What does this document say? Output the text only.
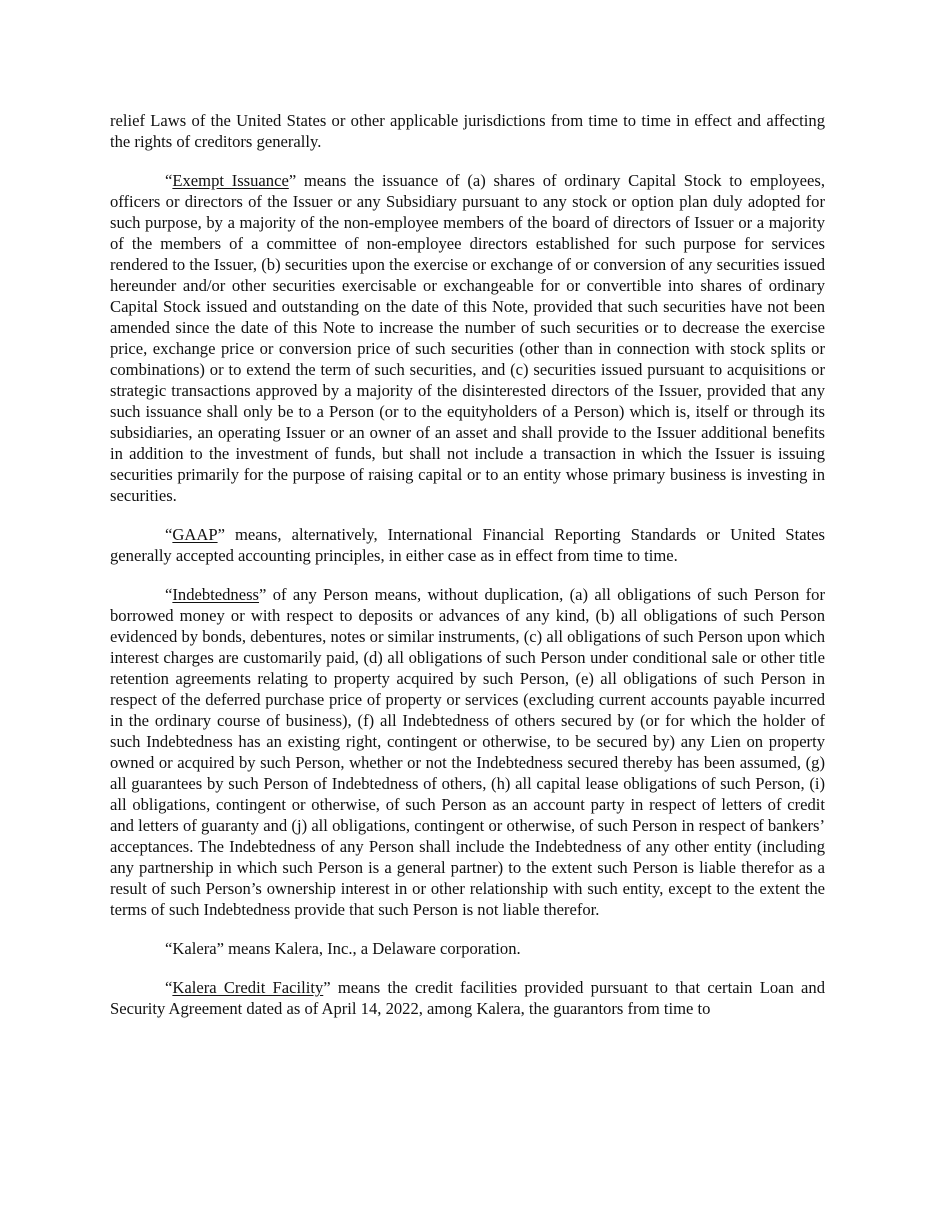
relief Laws of the United States or other applicable jurisdictions from time to time in effect and affecting the rights of creditors generally.

“Exempt Issuance” means the issuance of (a) shares of ordinary Capital Stock to employees, officers or directors of the Issuer or any Subsidiary pursuant to any stock or option plan duly adopted for such purpose, by a majority of the non-employee members of the board of directors of Issuer or a majority of the members of a committee of non-employee directors established for such purpose for services rendered to the Issuer, (b) securities upon the exercise or exchange of or conversion of any securities issued hereunder and/or other securities exercisable or exchangeable for or convertible into shares of ordinary Capital Stock issued and outstanding on the date of this Note, provided that such securities have not been amended since the date of this Note to increase the number of such securities or to decrease the exercise price, exchange price or conversion price of such securities (other than in connection with stock splits or combinations) or to extend the term of such securities, and (c) securities issued pursuant to acquisitions or strategic transactions approved by a majority of the disinterested directors of the Issuer, provided that any such issuance shall only be to a Person (or to the equityholders of a Person) which is, itself or through its subsidiaries, an operating Issuer or an owner of an asset and shall provide to the Issuer additional benefits in addition to the investment of funds, but shall not include a transaction in which the Issuer is issuing securities primarily for the purpose of raising capital or to an entity whose primary business is investing in securities.

“GAAP” means, alternatively, International Financial Reporting Standards or United States generally accepted accounting principles, in either case as in effect from time to time.

“Indebtedness” of any Person means, without duplication, (a) all obligations of such Person for borrowed money or with respect to deposits or advances of any kind, (b) all obligations of such Person evidenced by bonds, debentures, notes or similar instruments, (c) all obligations of such Person upon which interest charges are customarily paid, (d) all obligations of such Person under conditional sale or other title retention agreements relating to property acquired by such Person, (e) all obligations of such Person in respect of the deferred purchase price of property or services (excluding current accounts payable incurred in the ordinary course of business), (f) all Indebtedness of others secured by (or for which the holder of such Indebtedness has an existing right, contingent or otherwise, to be secured by) any Lien on property owned or acquired by such Person, whether or not the Indebtedness secured thereby has been assumed, (g) all guarantees by such Person of Indebtedness of others, (h) all capital lease obligations of such Person, (i) all obligations, contingent or otherwise, of such Person as an account party in respect of letters of credit and letters of guaranty and (j) all obligations, contingent or otherwise, of such Person in respect of bankers’ acceptances. The Indebtedness of any Person shall include the Indebtedness of any other entity (including any partnership in which such Person is a general partner) to the extent such Person is liable therefor as a result of such Person’s ownership interest in or other relationship with such entity, except to the extent the terms of such Indebtedness provide that such Person is not liable therefor.

“Kalera” means Kalera, Inc., a Delaware corporation.

“Kalera Credit Facility” means the credit facilities provided pursuant to that certain Loan and Security Agreement dated as of April 14, 2022, among Kalera, the guarantors from time to
